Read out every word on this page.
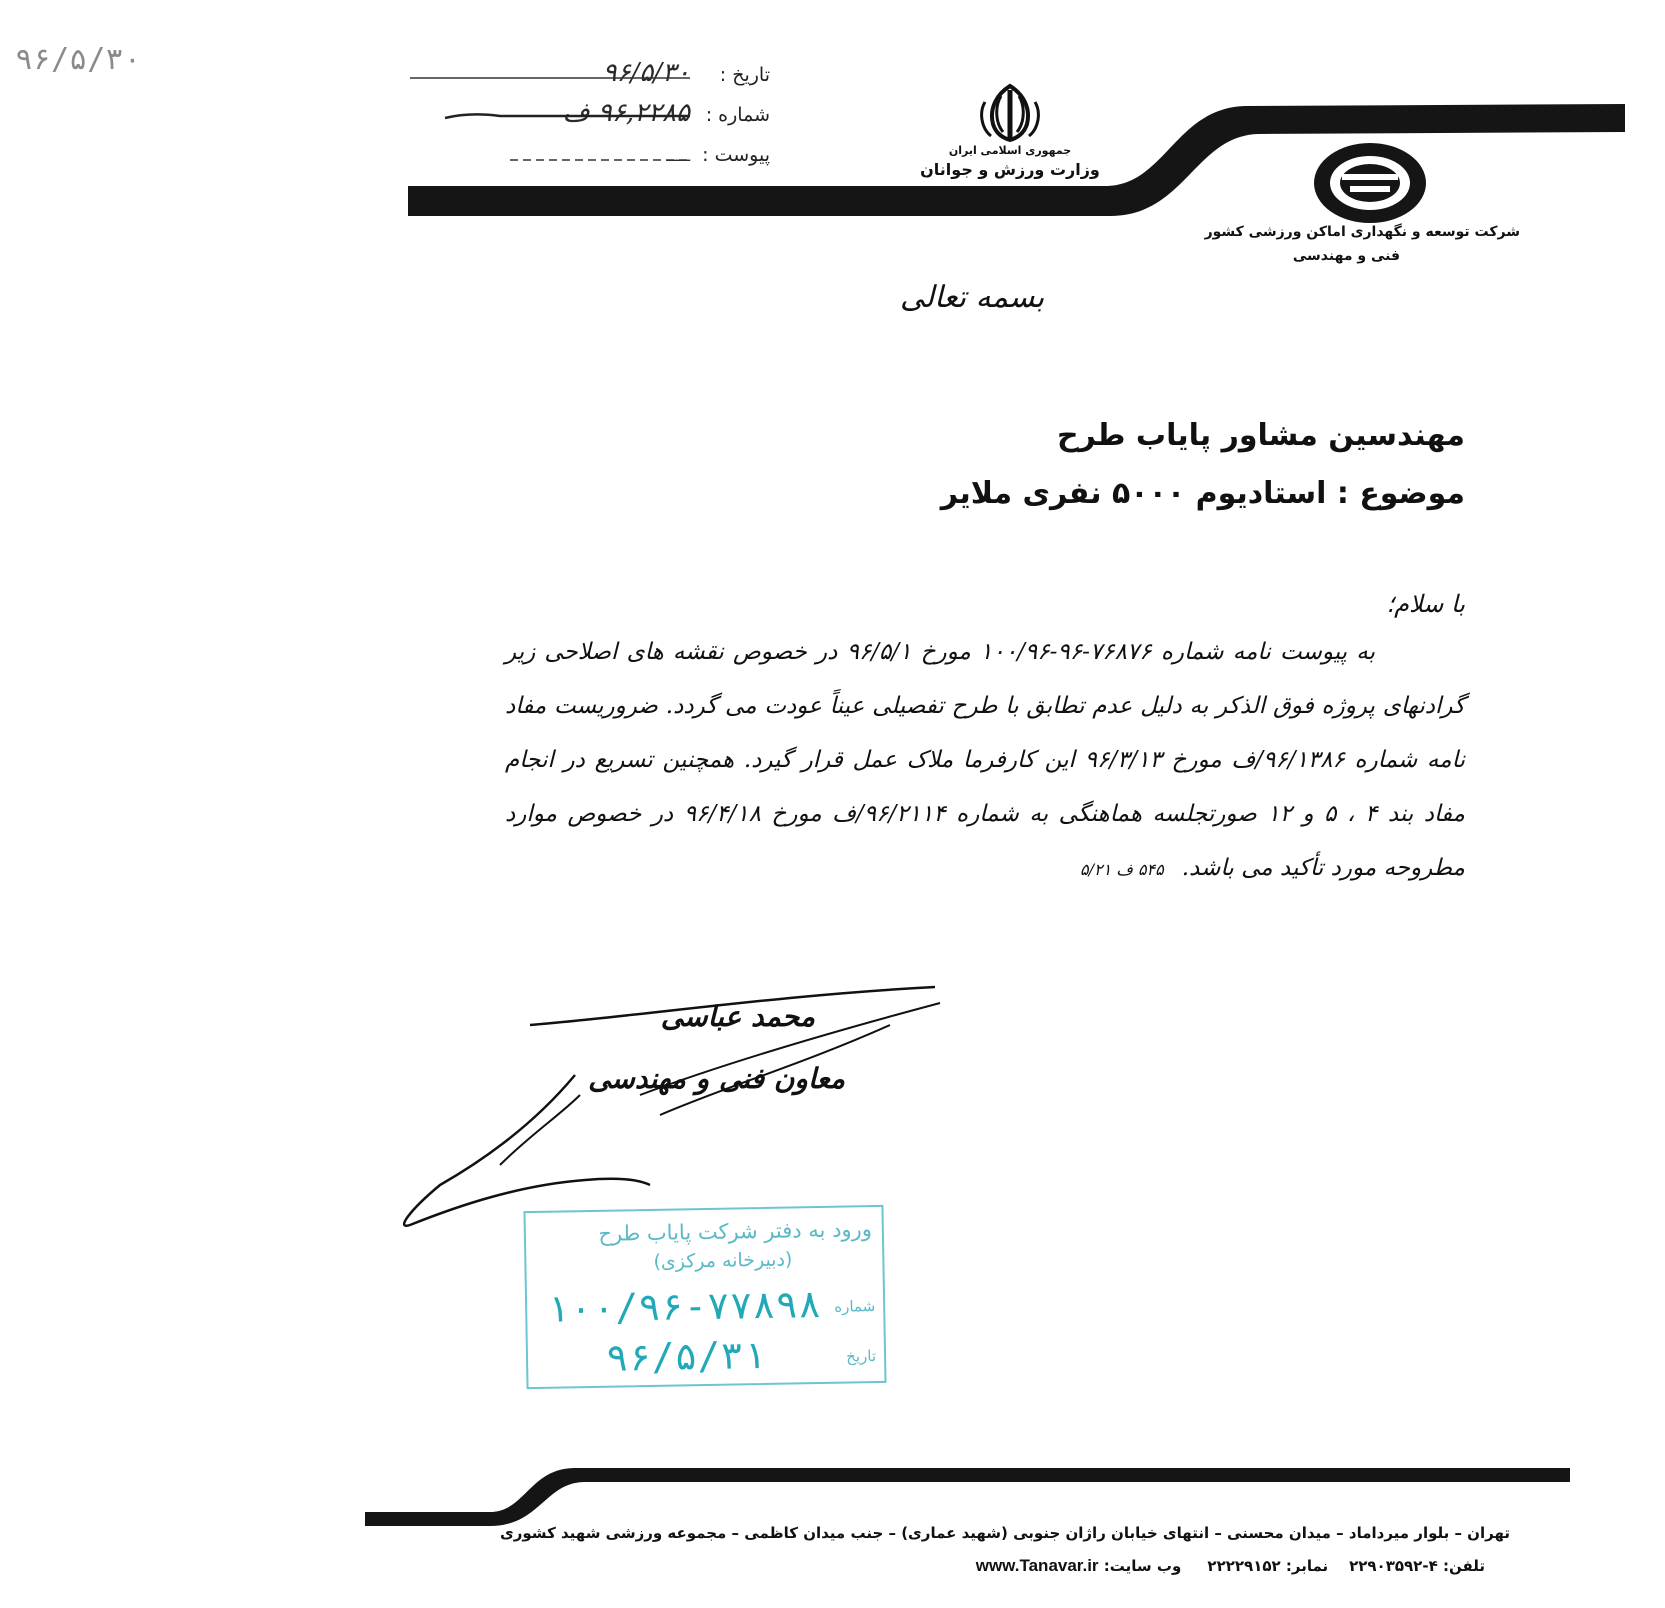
۹۶/۵/۳۰	تاریخ : ۹۶/۵/۳۰
شماره : ۹۶,۲۲۸۵ ف
پیوست : ـــــ	جمهوری اسلامی ایران
وزارت ورزش و جوانان
شرکت توسعه و نگهداری اماکن ورزشی کشور
فنی و مهندسی
بسمه تعالی
مهندسین مشاور پایاب طرح
موضوع : استادیوم ۵۰۰۰ نفری ملایر
با سلام؛
به پیوست نامه شماره ۷۶۸۷۶-۹۶-۱۰۰/۹۶ مورخ ۹۶/۵/۱ در خصوص نقشه های اصلاحی زیر گرادنهای پروژه فوق الذکر به دلیل عدم تطابق با طرح تفصیلی عیناً عودت می گردد. ضروریست مفاد نامه شماره ۹۶/۱۳۸۶/ف مورخ ۹۶/۳/۱۳ این کارفرما ملاک عمل قرار گیرد. همچنین تسریع در انجام مفاد بند ۴ ، ۵ و ۱۲ صورتجلسه هماهنگی به شماره ۹۶/۲۱۱۴/ف مورخ ۹۶/۴/۱۸ در خصوص موارد مطروحه مورد تأکید می باشد.۵۴۵ ف ۵/۲۱
محمد عباسی
معاون فنی و مهندسی
ورود به دفتر شرکت پایاب طرح
(دبیرخانه مرکزی)
شماره
۱۰۰/۹۶-۷۷۸۹۸
تاریخ
۹۶/۵/۳۱
تهران – بلوار میرداماد – میدان محسنی – انتهای خیابان راژان جنوبی (شهید عماری) – جنب میدان کاظمی – مجموعه ورزشی شهید کشوری
تلفن: ۴-۲۲۹۰۳۵۹۲    نمابر: ۲۲۲۲۹۱۵۲     وب سایت: www.Tanavar.ir
